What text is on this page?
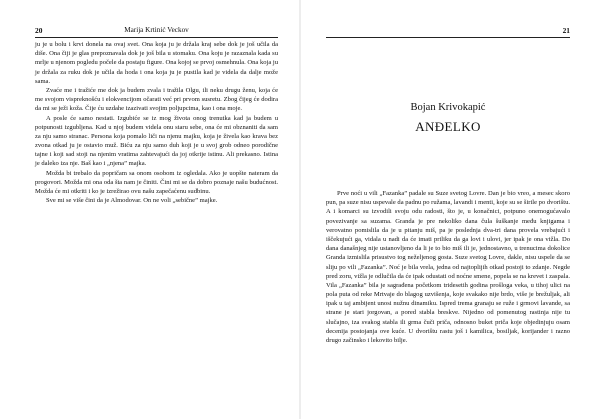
20	Marija Krtinić Veckov

ju je u bolu i krvi donela na ovaj svet. Ona koja ju je držala kraj sebe dok je još učila da diše. Ona čiji je glas prepoznavala dok je još bila u stomaku. Ona koju je razaznala kada su mrlje u njenom pogledu počele da postaju figure. Ona kojoj se prvoj osmehnula. Ona koja ju je držala za ruku dok je učila da hoda i ona koja ju je pustila kad je videla da dalje može sama.

Zvaće me i tražiće me dok ja budem zvala i tražila Olgu, ili neku drugu ženu, koja će me svojom vispreknošću i elokvencijom očarati već pri prvom susretu. Zbog čijeg će dodira da mi se ježi koža. Čije ću uzdahe izazivati svojim poljupcima, kao i ona moje.

A posle će samo nestati. Izgubiće se iz mog života onog trenutka kad ja budem u potpunosti izgubljena. Kad u njoj budem videla onu staru sebe, ona će mi obznaniti da sam za nju samo stranac. Persona koja pomalo liči na njenu majku, koja je živela kao krava bez zvona otkad ju je ostavio muž. Biću za nju samo duh koji je u svoj grob odneo porodične tajne i koji sad stoji na njenim vratima zahtevajući da joj otkrije istinu. Ali prekasno. Istina je daleko iza nje. Baš kao i „njena” majka.

Možda bi trebalo da popričam sa onom osobom iz ogledala. Ako je uopšte nateram da progovori. Možda mi ona oda šta nam je činiti. Čini mi se da dobro poznaje našu budućnost. Možda će mi otkriti i ko je izrežirao ovu našu zapečaćenu sudbinu.

Sve mi se više čini da je Almodovar. On ne voli „sebične” majke.

21
Bojan Krivokapić
ANĐELKO

Prve noći u vili „Fazanka” padale su Suze svetog Lovre. Dan je bio vreo, a mesec skoro pun, pa suze nisu uspevale da padnu po ružama, lavandi i menti, koje su se širile po dvorištu. A i komarci su izvodili svoju odu radosti, što je, u konačnici, potpuno onemogućavalo povezivanje sa suzama. Granda je pre nekoliko dana čula šuškanje među knjigama i verovatno pomislila da je u pitanju miš, pa je poslednja dva-tri dana provela vrebajući i iščekujući ga, vidala u nadi da će imati priliku da ga lovi i ulovi, jer ipak je ona vižla. Do dana današnjeg nije ustanovljeno da li je to bio miš ili je, jednostavno, u trenucima dokolice Granda izmislila prisustvo tog neželjenog gosta. Suze svetog Lovre, dakle, nisu uspele da se sliju po vili „Fazanka”. Noć je bila vrela, jedna od najtoplijih otkad postoji to zdanje. Negde pred zoru, vižla je odlučila da će ipak odustati od noćne smene, popela se na krevet i zaspala. Vila „Fazanka” bila je sagrađena početkom tridesetih godina prošloga veka, u tihoj ulici na pola puta od reke Mrtvaje do blagog uzvišenja, koje svakako nije brdo, više je brežuljak, ali ipak u taj ambijent unosi nužnu dinamiku. Ispred trema granaju se ruže i grmovi lavande, sa strane je stari jorgovan, a pored stabla breskve. Nijedno od pomenutog rastinja nije tu slučajno, iza svakog stabla ili grma čuči priča, odnosno buket priča koje objedinjuju osam decenija postojanja ove kuće. U dvorištu rastu još i kamilica, bosiljak, korijander i razno drugo začinsko i lekovito bilje.
